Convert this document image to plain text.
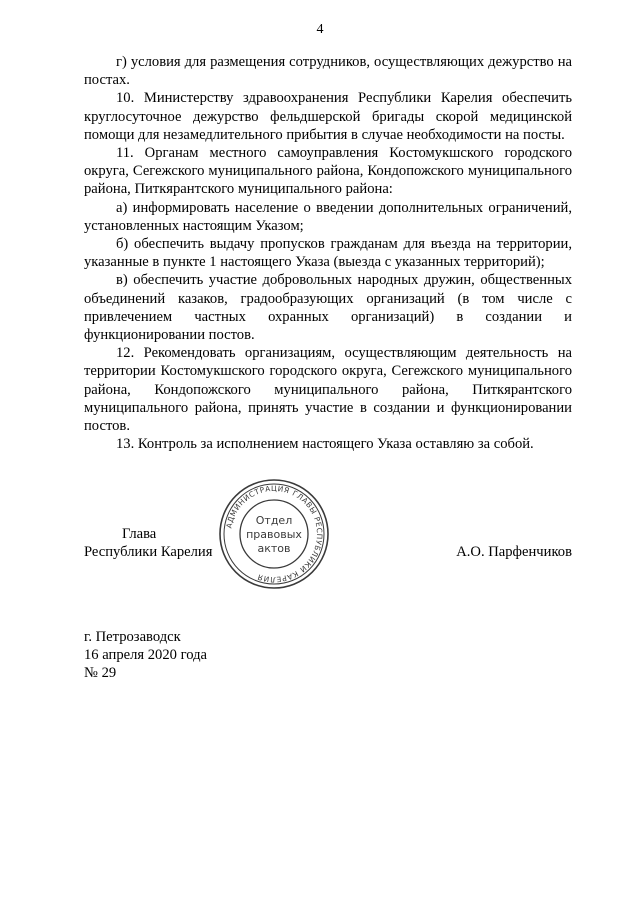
4

г) условия для размещения сотрудников, осуществляющих дежурство на постах.

10. Министерству здравоохранения Республики Карелия обеспечить круглосуточное дежурство фельдшерской бригады скорой медицинской помощи для незамедлительного прибытия в случае необходимости на посты.

11. Органам местного самоуправления Костомукшского городского округа, Сегежского муниципального района, Кондопожского муниципального района, Питкярантского муниципального района:

а) информировать население о введении дополнительных ограничений, установленных настоящим Указом;

б) обеспечить выдачу пропусков гражданам для въезда на территории, указанные в пункте 1 настоящего Указа (выезда с указанных территорий);

в) обеспечить участие добровольных народных дружин, общественных объединений казаков, градообразующих организаций (в том числе с привлечением частных охранных организаций) в создании и функционировании постов.

12. Рекомендовать организациям, осуществляющим деятельность на территории Костомукшского городского округа, Сегежского муниципального района, Кондопожского муниципального района, Питкярантского муниципального района, принять участие в создании и функционировании постов.

13. Контроль за исполнением настоящего Указа оставляю за собой.

Глава
Республики Карелия	А.О. Парфенчиков
АДМИНИСТРАЦИЯ ГЛАВЫ РЕСПУБЛИКИ КАРЕЛИЯ
Отдел
правовых
актов
г. Петрозаводск
16 апреля 2020 года
№ 29
